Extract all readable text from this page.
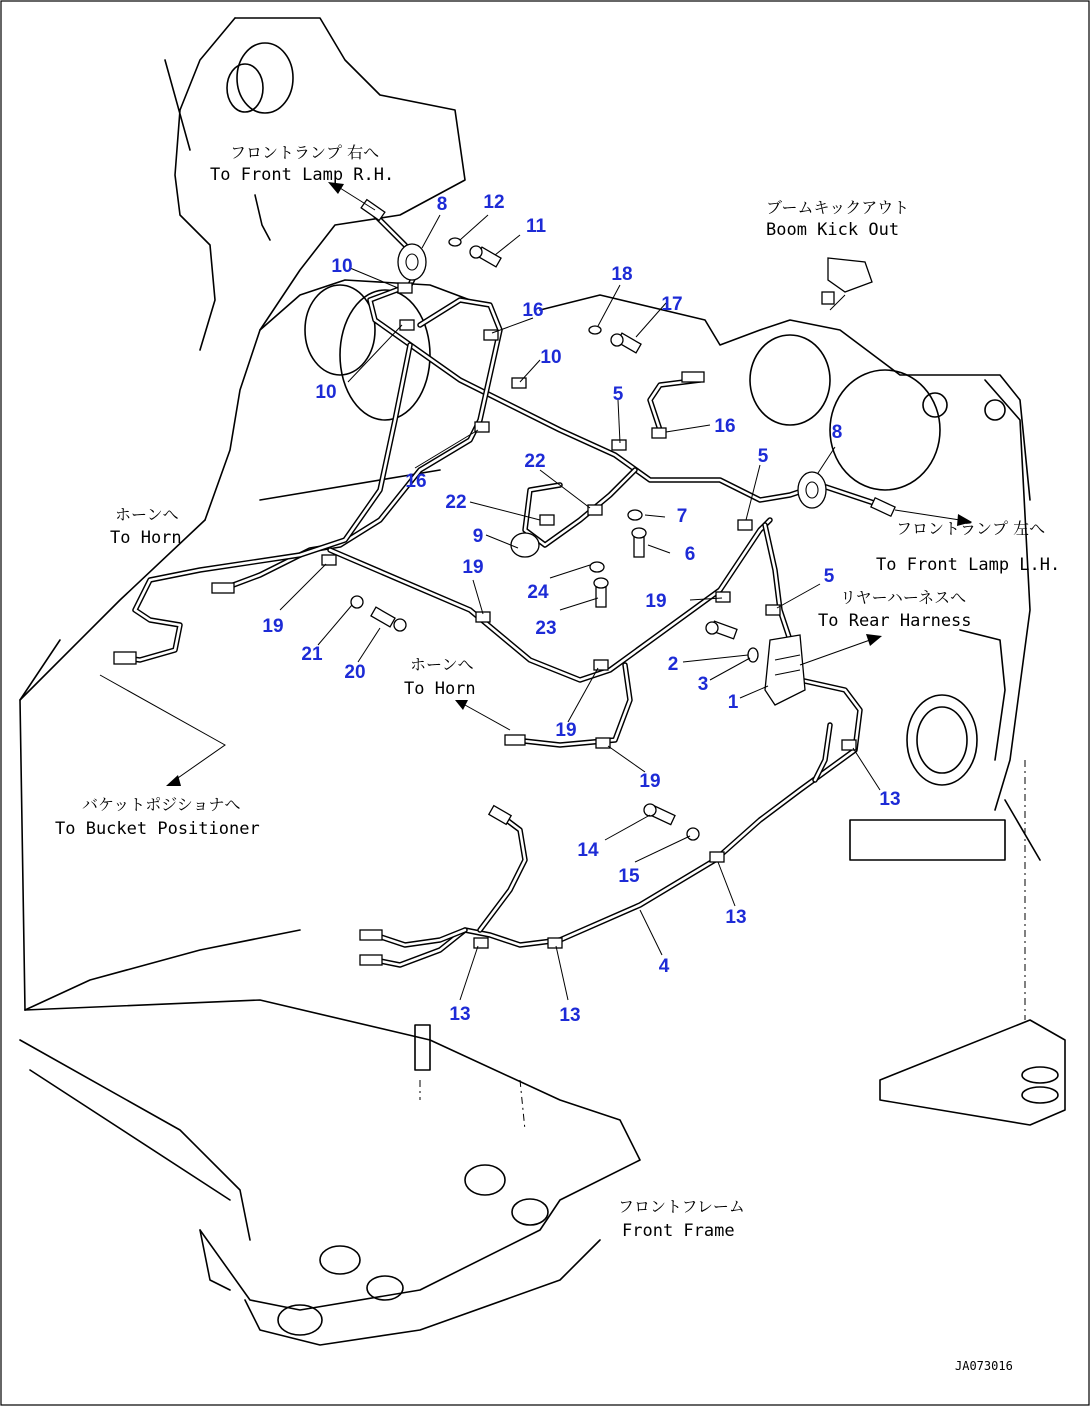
8 12
11
10
10
16
10
18
17
5
16
16
22
22
9
7
6
24
23
5
8
5
19
19
19
21
20	2
3
1
19
19
13
14
15
13
4
13	13
フロントランプ 右へ
To Front Lamp R.H.
ブームキックアウト
Boom Kick Out
フロントランプ 左へ
To Front Lamp L.H.
リヤーハーネスへ
To Rear Harness
ホーンへ
To Horn
ホーンへ
To Horn
バケットポジショナへ
To Bucket Positioner
フロントフレーム
Front Frame
JA073016
